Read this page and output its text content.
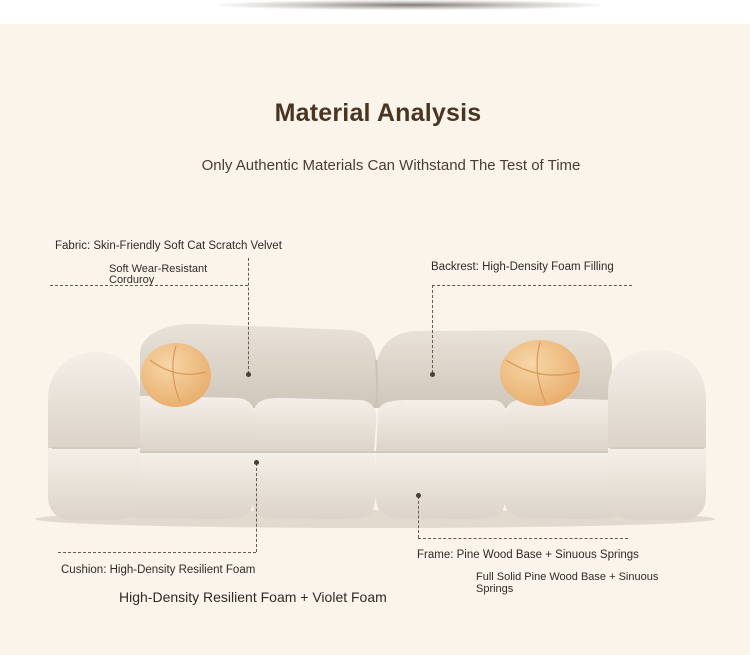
Material Analysis
Only Authentic Materials Can Withstand The Test of Time
Fabric: Skin-Friendly Soft Cat Scratch Velvet
Soft Wear-Resistant
Corduroy
Backrest: High-Density Foam Filling
Cushion: High-Density Resilient Foam
High-Density Resilient Foam + Violet Foam
Frame: Pine Wood Base + Sinuous Springs
Full Solid Pine Wood Base + Sinuous
Springs
